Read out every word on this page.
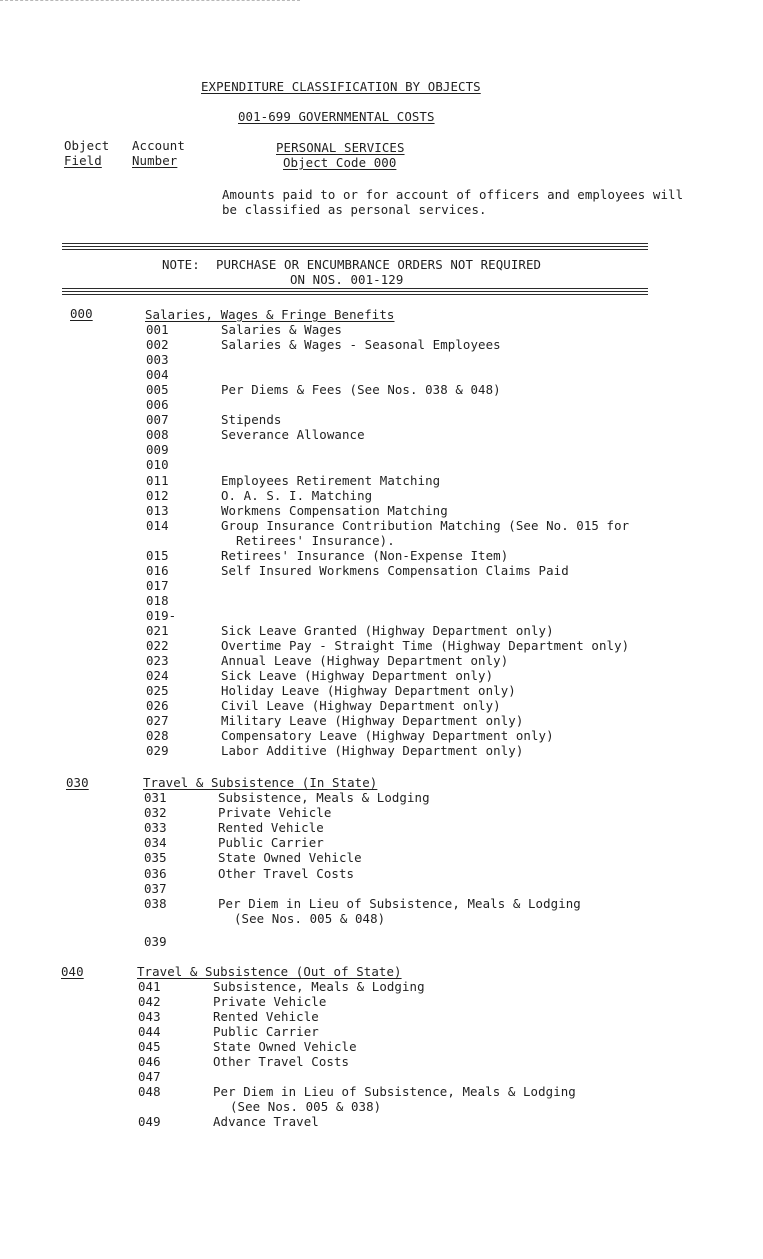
EXPENDITURE CLASSIFICATION BY OBJECTS
001-699 GOVERNMENTAL COSTS
Object
Field
Account
Number
PERSONAL SERVICES
Object Code 000
Amounts paid to or for account of officers and employees will
be classified as personal services.
NOTE: PURCHASE OR ENCUMBRANCE ORDERS NOT REQUIRED
ON NOS. 001-129
000	Salaries, Wages & Fringe Benefits
001	Salaries & Wages
002	Salaries & Wages - Seasonal Employees
003
004
005	Per Diems & Fees (See Nos. 038 & 048)
006
007	Stipends
008	Severance Allowance
009
010
011	Employees Retirement Matching
012	O. A. S. I. Matching
013	Workmens Compensation Matching
014	Group Insurance Contribution Matching (See No. 015 for
Retirees' Insurance).
015	Retirees' Insurance (Non-Expense Item)
016	Self Insured Workmens Compensation Claims Paid
017
018
019-
021	Sick Leave Granted (Highway Department only)
022	Overtime Pay - Straight Time (Highway Department only)
023	Annual Leave (Highway Department only)
024	Sick Leave (Highway Department only)
025	Holiday Leave (Highway Department only)
026	Civil Leave (Highway Department only)
027	Military Leave (Highway Department only)
028	Compensatory Leave (Highway Department only)
029	Labor Additive (Highway Department only)
030	Travel & Subsistence (In State)
031	Subsistence, Meals & Lodging
032	Private Vehicle
033	Rented Vehicle
034	Public Carrier
035	State Owned Vehicle
036	Other Travel Costs
037
038	Per Diem in Lieu of Subsistence, Meals & Lodging
(See Nos. 005 & 048)
039
040	Travel & Subsistence (Out of State)
041	Subsistence, Meals & Lodging
042	Private Vehicle
043	Rented Vehicle
044	Public Carrier
045	State Owned Vehicle
046	Other Travel Costs
047
048	Per Diem in Lieu of Subsistence, Meals & Lodging
(See Nos. 005 & 038)
049	Advance Travel
